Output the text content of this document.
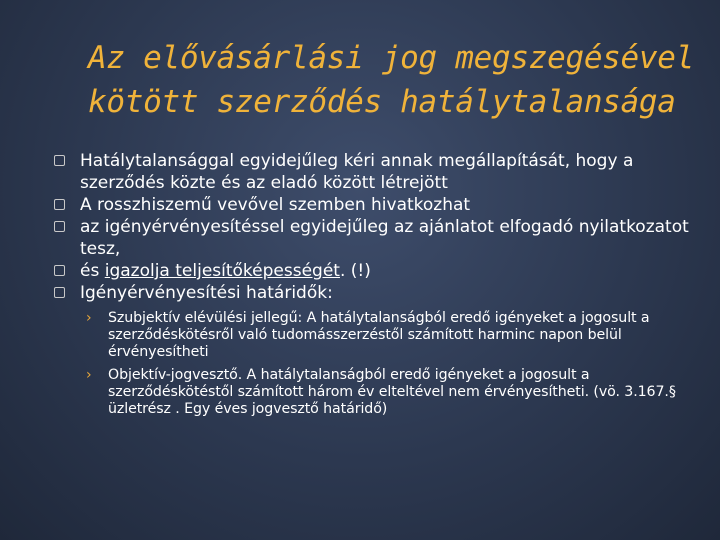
Az elővásárlási jog megszegésével
kötött szerződés hatálytalansága
Hatálytalansággal egyidejűleg kéri annak megállapítását, hogy a szerződés közte és az eladó között létrejött
A rosszhiszemű vevővel szemben hivatkozhat
az igényérvényesítéssel egyidejűleg az ajánlatot elfogadó nyilatkozatot tesz,
és igazolja teljesítőképességét. (!)
Igényérvényesítési határidők:
› Szubjektív elévülési jellegű: A hatálytalanságból eredő igényeket a jogosult a szerződéskötésről való tudomásszerzéstől számított harminc napon belül érvényesítheti
› Objektív-jogvesztő. A hatálytalanságból eredő igényeket a jogosult a szerződéskötéstől számított három év elteltével nem érvényesítheti. (vö. 3.167.§ üzletrész . Egy éves jogvesztő határidő)
